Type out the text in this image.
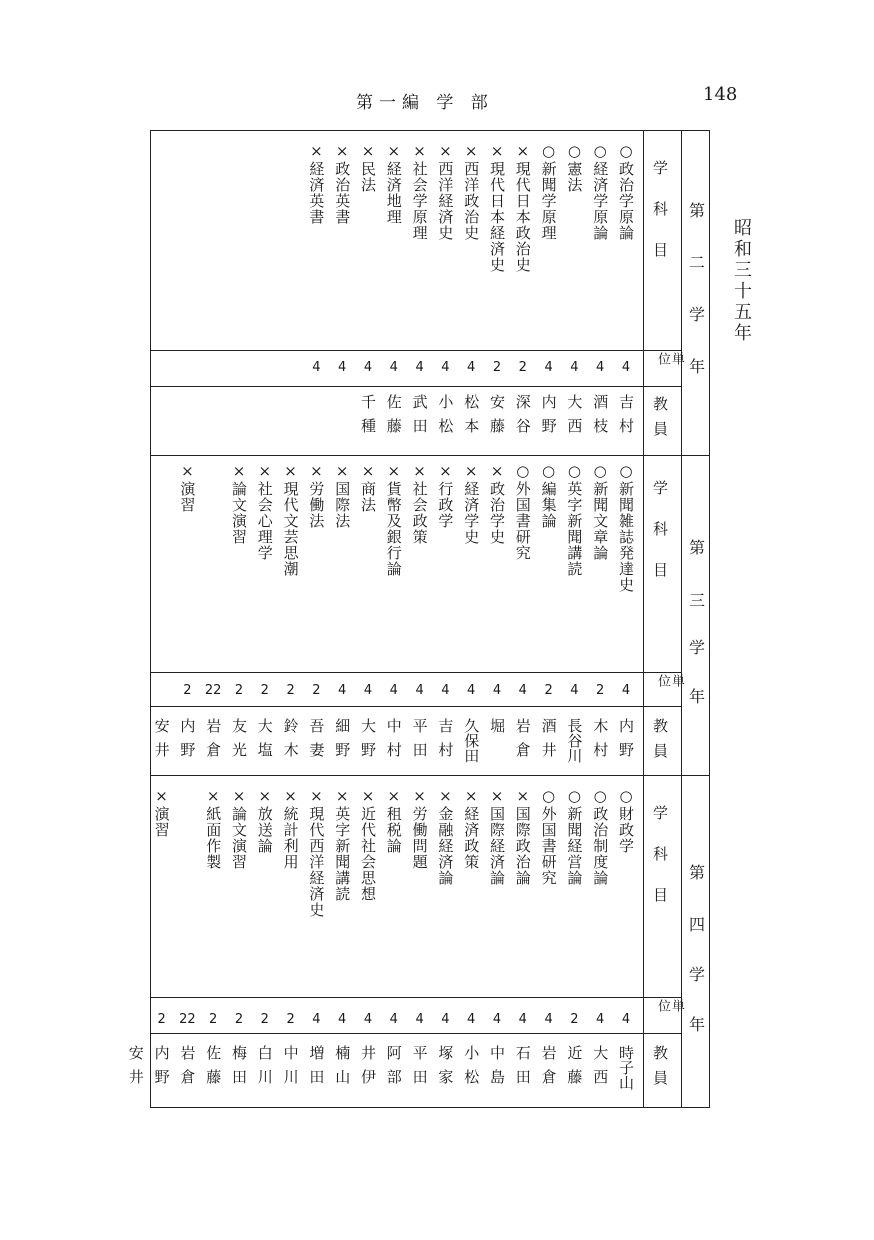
第一編 学 部	148
昭和三十五年
学科目
単
位
教員
学科目
単
位
教員
学科目
単
位
教員
第
二
学
年
第
三
学
年
第
四
学
年
○政治学原論
○経済学原論
○憲法
○新聞学原理
×現代日本政治史
×現代日本経済史
×西洋政治史
×西洋経済史
×社会学原理
×経済地理
×民法
×政治英書
×経済英書
4
4
4
4
2
2
4
4
4
4
4
4
4
吉村
酒枝
大西
内野
深谷
安藤
松本
小松
武田
佐藤
千種
○新聞雑誌発達史
○新聞文章論
○英字新聞講読
○編集論
○外国書研究
×政治学史
×経済学史
×行政学
×社会政策
×貨幣及銀行論
×商法
×国際法
×労働法
×現代文芸思潮
×社会心理学
×論文演習
×演習
4
2
4
2
4
4
4
4
4
4
4
4
2
2
2
2
22
2
内野
木村
長谷川
酒井
岩倉
堀
久保田
吉村
平田
中村
大野
細野
吾妻
鈴木
大塩
友光
岩倉
内野
安井
○財政学
○政治制度論
○新聞経営論
○外国書研究
×国際政治論
×国際経済論
×経済政策
×金融経済論
×労働問題
×租税論
×近代社会思想
×英字新聞講読
×現代西洋経済史
×統計利用
×放送論
×論文演習
×紙面作製
×演習
4
4
2
4
4
4
4
4
4
4
4
4
4
2
2
2
2
22
2
時子山
大西
近藤
岩倉
石田
中島
小松
塚家
平田
阿部
井伊
楠山
増田
中川
白川
梅田
佐藤
岩倉
内野
安井
